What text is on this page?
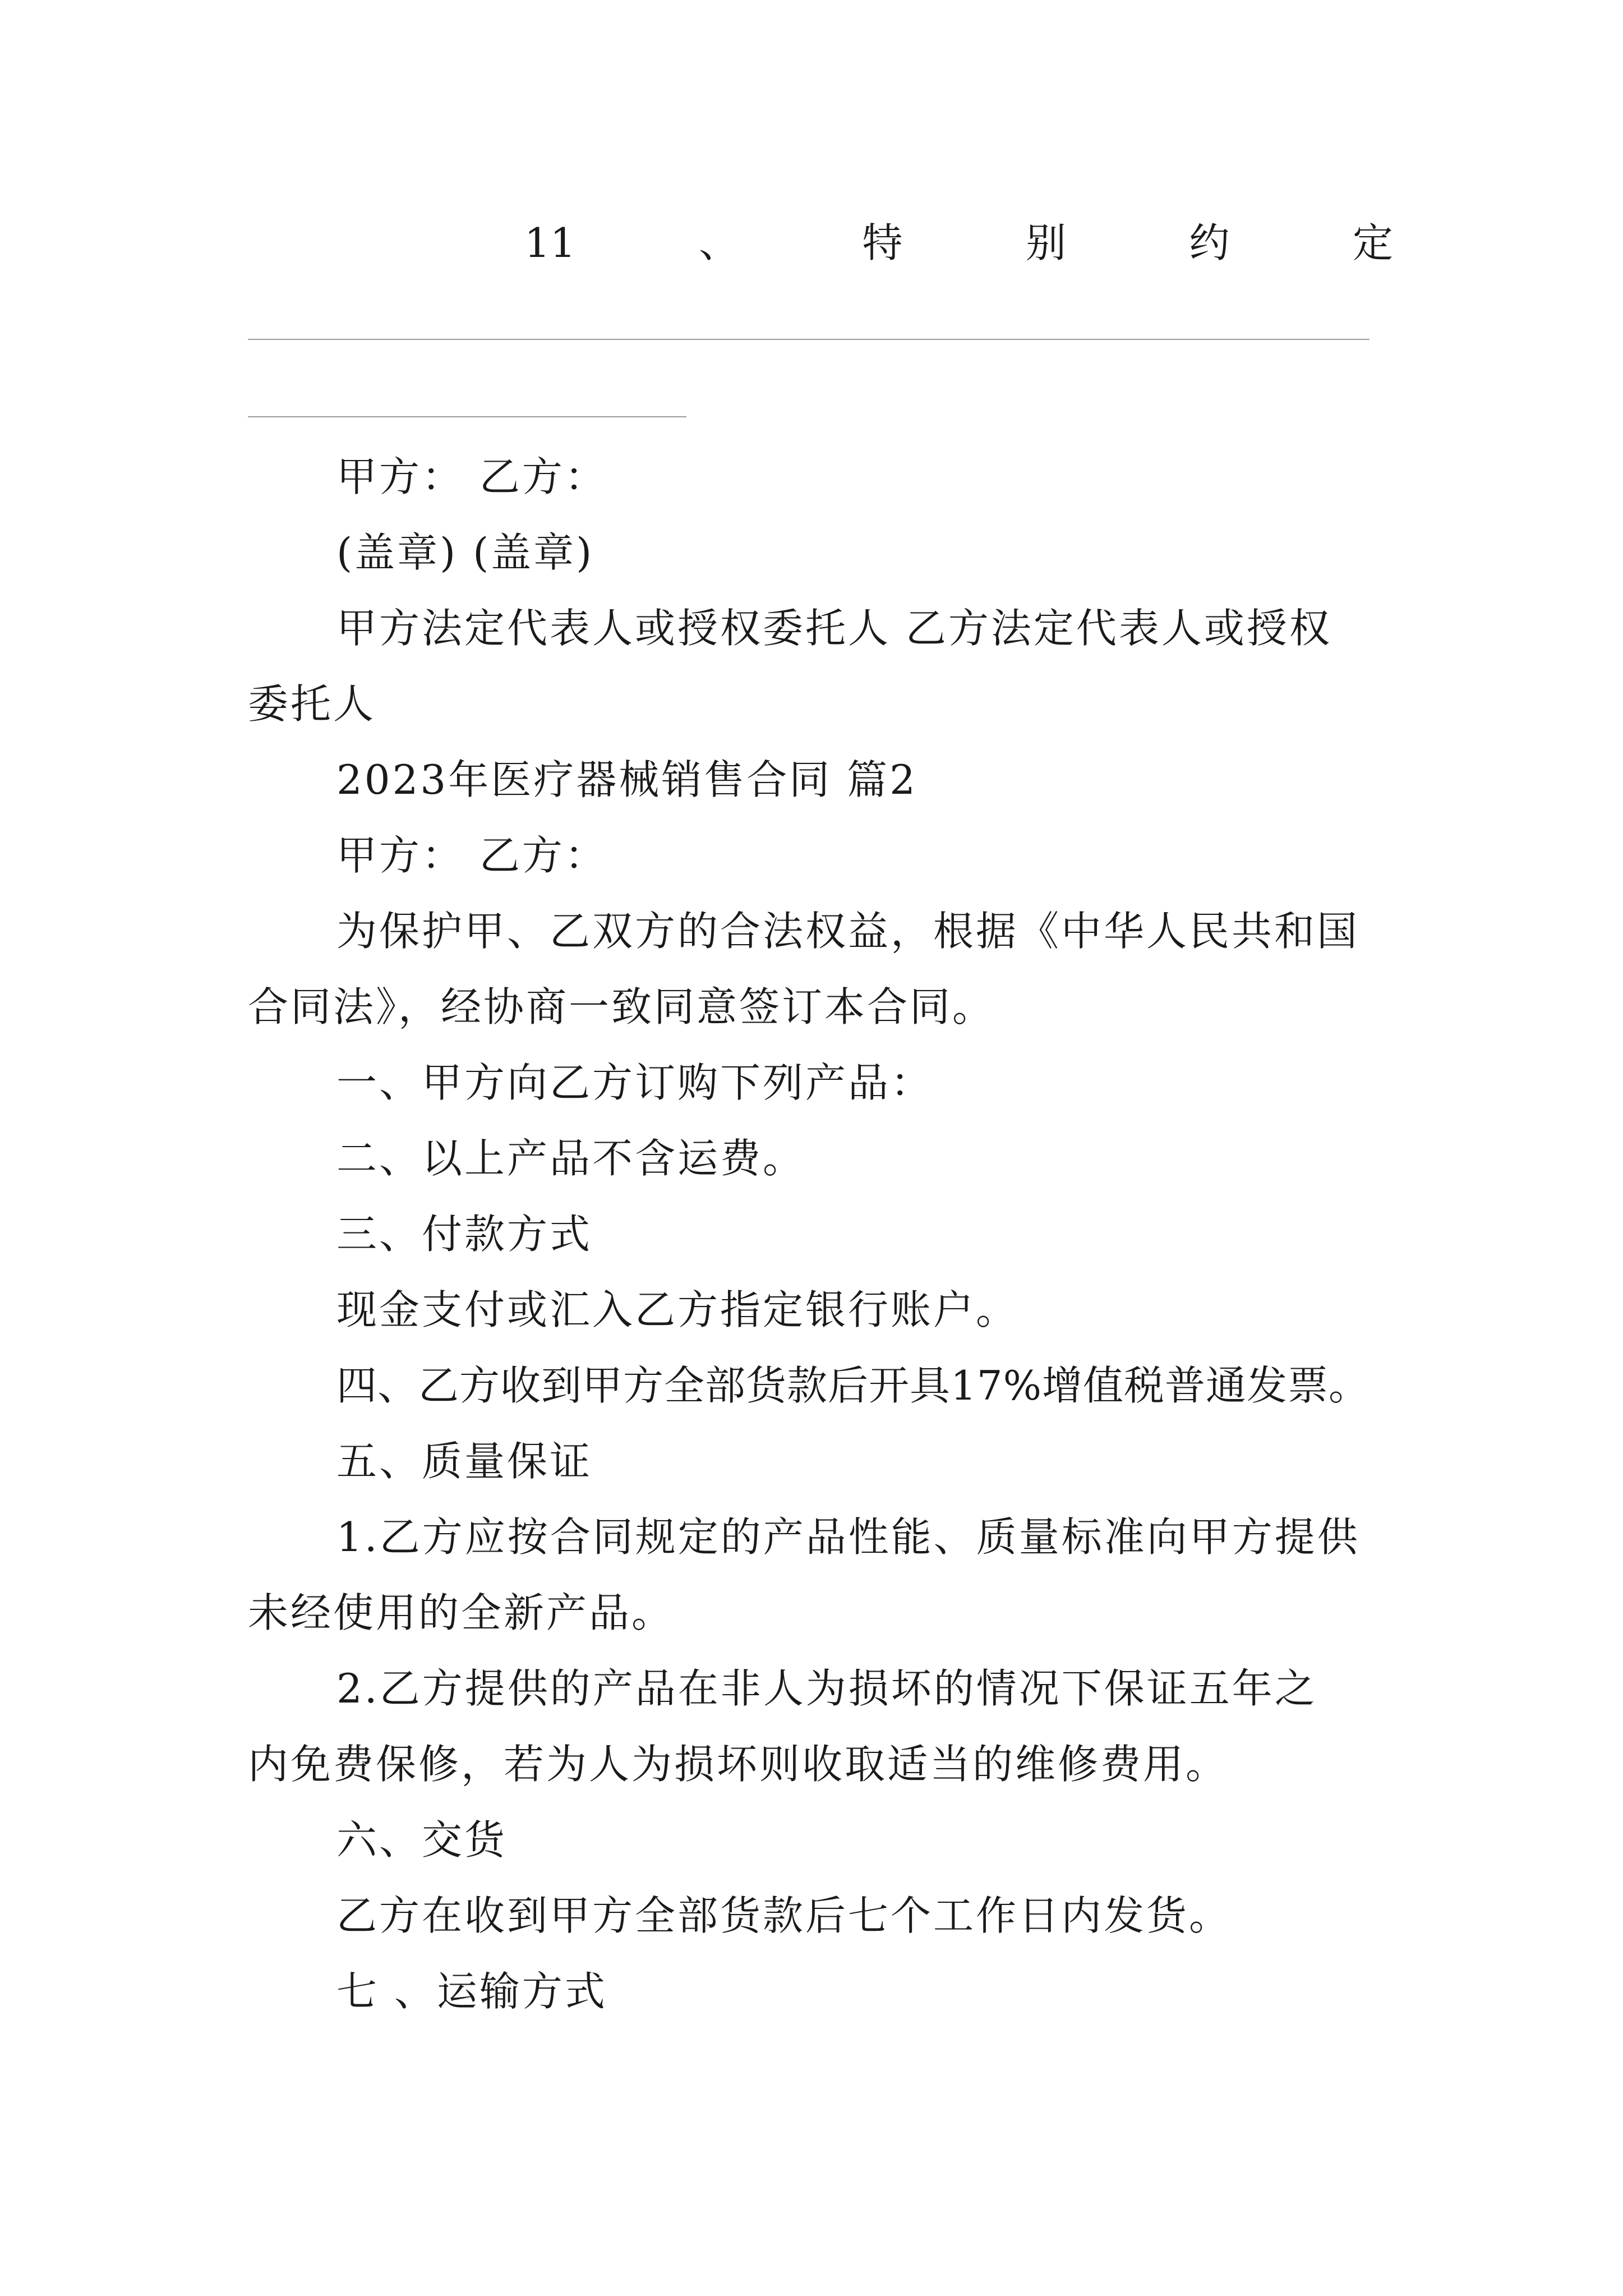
11	、	特	别	约	定
甲方： 乙方：
(盖章) (盖章)
甲方法定代表人或授权委托人 乙方法定代表人或授权
委托人
2023年医疗器械销售合同 篇2
甲方： 乙方：
为保护甲、乙双方的合法权益，根据《中华人民共和国
合同法》，经协商一致同意签订本合同。
一、甲方向乙方订购下列产品：
二、以上产品不含运费。
三、付款方式
现金支付或汇入乙方指定银行账户。
四、乙方收到甲方全部货款后开具17%增值税普通发票。
五、质量保证
1.乙方应按合同规定的产品性能、质量标准向甲方提供
未经使用的全新产品。
2.乙方提供的产品在非人为损坏的情况下保证五年之
内免费保修，若为人为损坏则收取适当的维修费用。
六、交货
乙方在收到甲方全部货款后七个工作日内发货。
七 、运输方式
